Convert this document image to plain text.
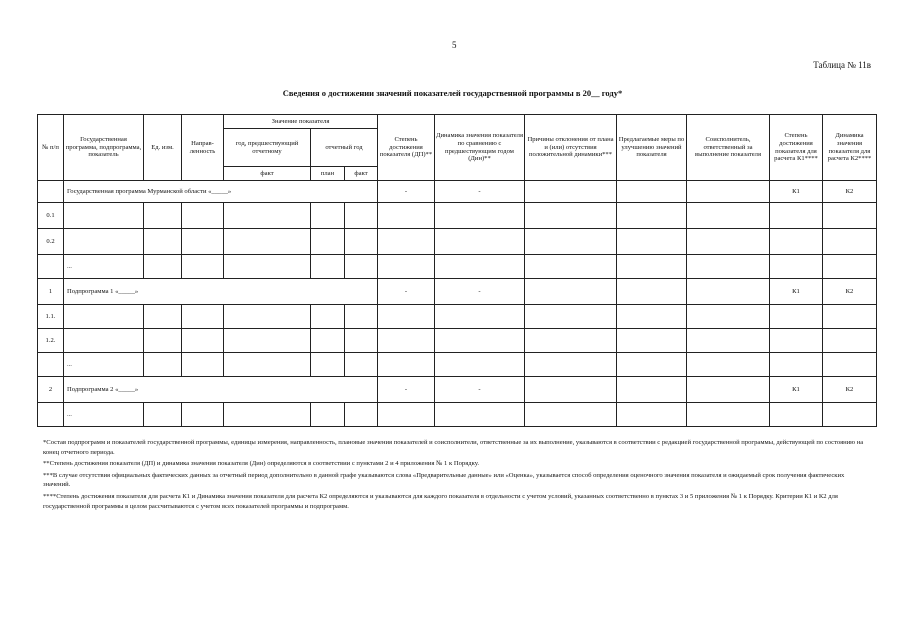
5
Таблица № 11в
Сведения о достижении значений показателей государственной программы в 20__ году*
№ п/п	Государственная программа, подпрограмма, показатель	Ед. изм.	Направ-ленность	Значение показателя			Степень достижения показателя (ДП)**	Динамика значения показателя по сравнению с предшествующим годом (Дин)**	Причины отклонения от плана и (или) отсутствия положительной динамики***	Предлагаемые меры по улучшению значений показателя	Соисполнитель, ответственный за выполнение показателя	Степень достижения показателя для расчета К1****	Динамика значения показателя для расчета К2****
				год, предшествующий отчетному	отчетный год								
				факт	план	факт							
	Государственная программа Мурманской области «_____»						-	-				К1	К2
0.1													
0.2													
	...												
1	Подпрограмма 1 «_____»						-	-				К1	К2
1.1.													
1.2.													
	...												
2	Подпрограмма 2 «_____»						-	-				К1	К2
	...												

*Состав подпрограмм и показателей государственной программы, единицы измерения, направленность, плановые значения показателей и соисполнители, ответственные за их выполнение, указываются в соответствии с редакцией государственной программы, действующей по состоянию на конец отчетного периода.

**Степень достижения показателя (ДП) и динамика значения показателя (Дин) определяются в соответствии с пунктами 2 и 4 приложения № 1 к Порядку.

***В случае отсутствия официальных фактических данных за отчетный период дополнительно в данной графе указываются слова «Предварительные данные» или «Оценка», указывается способ определения оценочного значения показателя и ожидаемый срок получения фактических значений.

****Степень достижения показателя для расчета К1 и Динамика значения показателя для расчета К2 определяются и указываются для каждого показателя в отдельности с учетом условий, указанных соответственно в пунктах 3 и 5 приложения № 1 к Порядку. Критерии К1 и К2 для государственной программы в целом рассчитываются с учетом всех показателей программы и подпрограмм.
